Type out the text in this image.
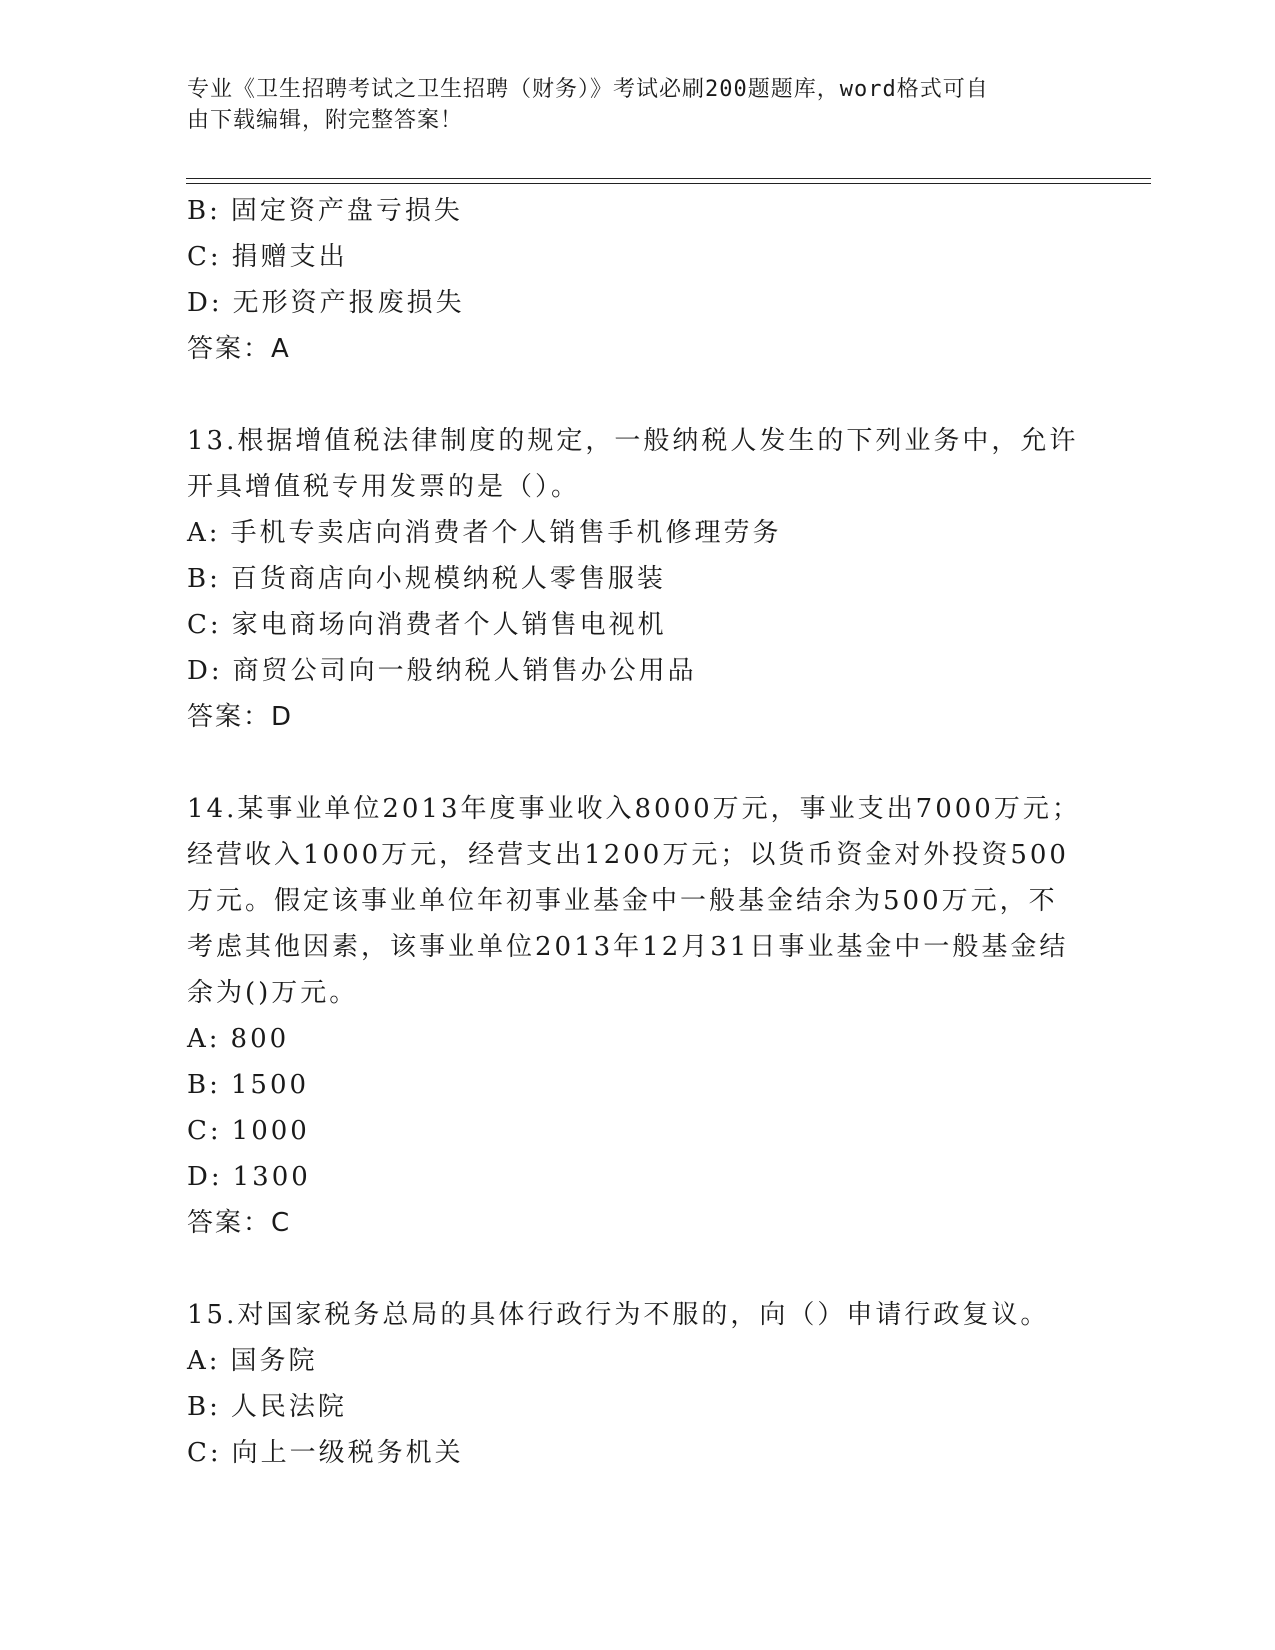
专业《卫生招聘考试之卫生招聘（财务）》考试必刷200题题库，word格式可自
由下载编辑，附完整答案！
B: 固定资产盘亏损失
C: 捐赠支出
D: 无形资产报废损失
答案：A
13.根据增值税法律制度的规定，一般纳税人发生的下列业务中，允许
开具增值税专用发票的是（）。
A: 手机专卖店向消费者个人销售手机修理劳务
B: 百货商店向小规模纳税人零售服装
C: 家电商场向消费者个人销售电视机
D: 商贸公司向一般纳税人销售办公用品
答案：D
14.某事业单位2013年度事业收入8000万元，事业支出7000万元；
经营收入1000万元，经营支出1200万元；以货币资金对外投资500
万元。假定该事业单位年初事业基金中一般基金结余为500万元，不
考虑其他因素，该事业单位2013年12月31日事业基金中一般基金结
余为()万元。
A: 800
B: 1500
C: 1000
D: 1300
答案：C
15.对国家税务总局的具体行政行为不服的，向（）申请行政复议。
A: 国务院
B: 人民法院
C: 向上一级税务机关
